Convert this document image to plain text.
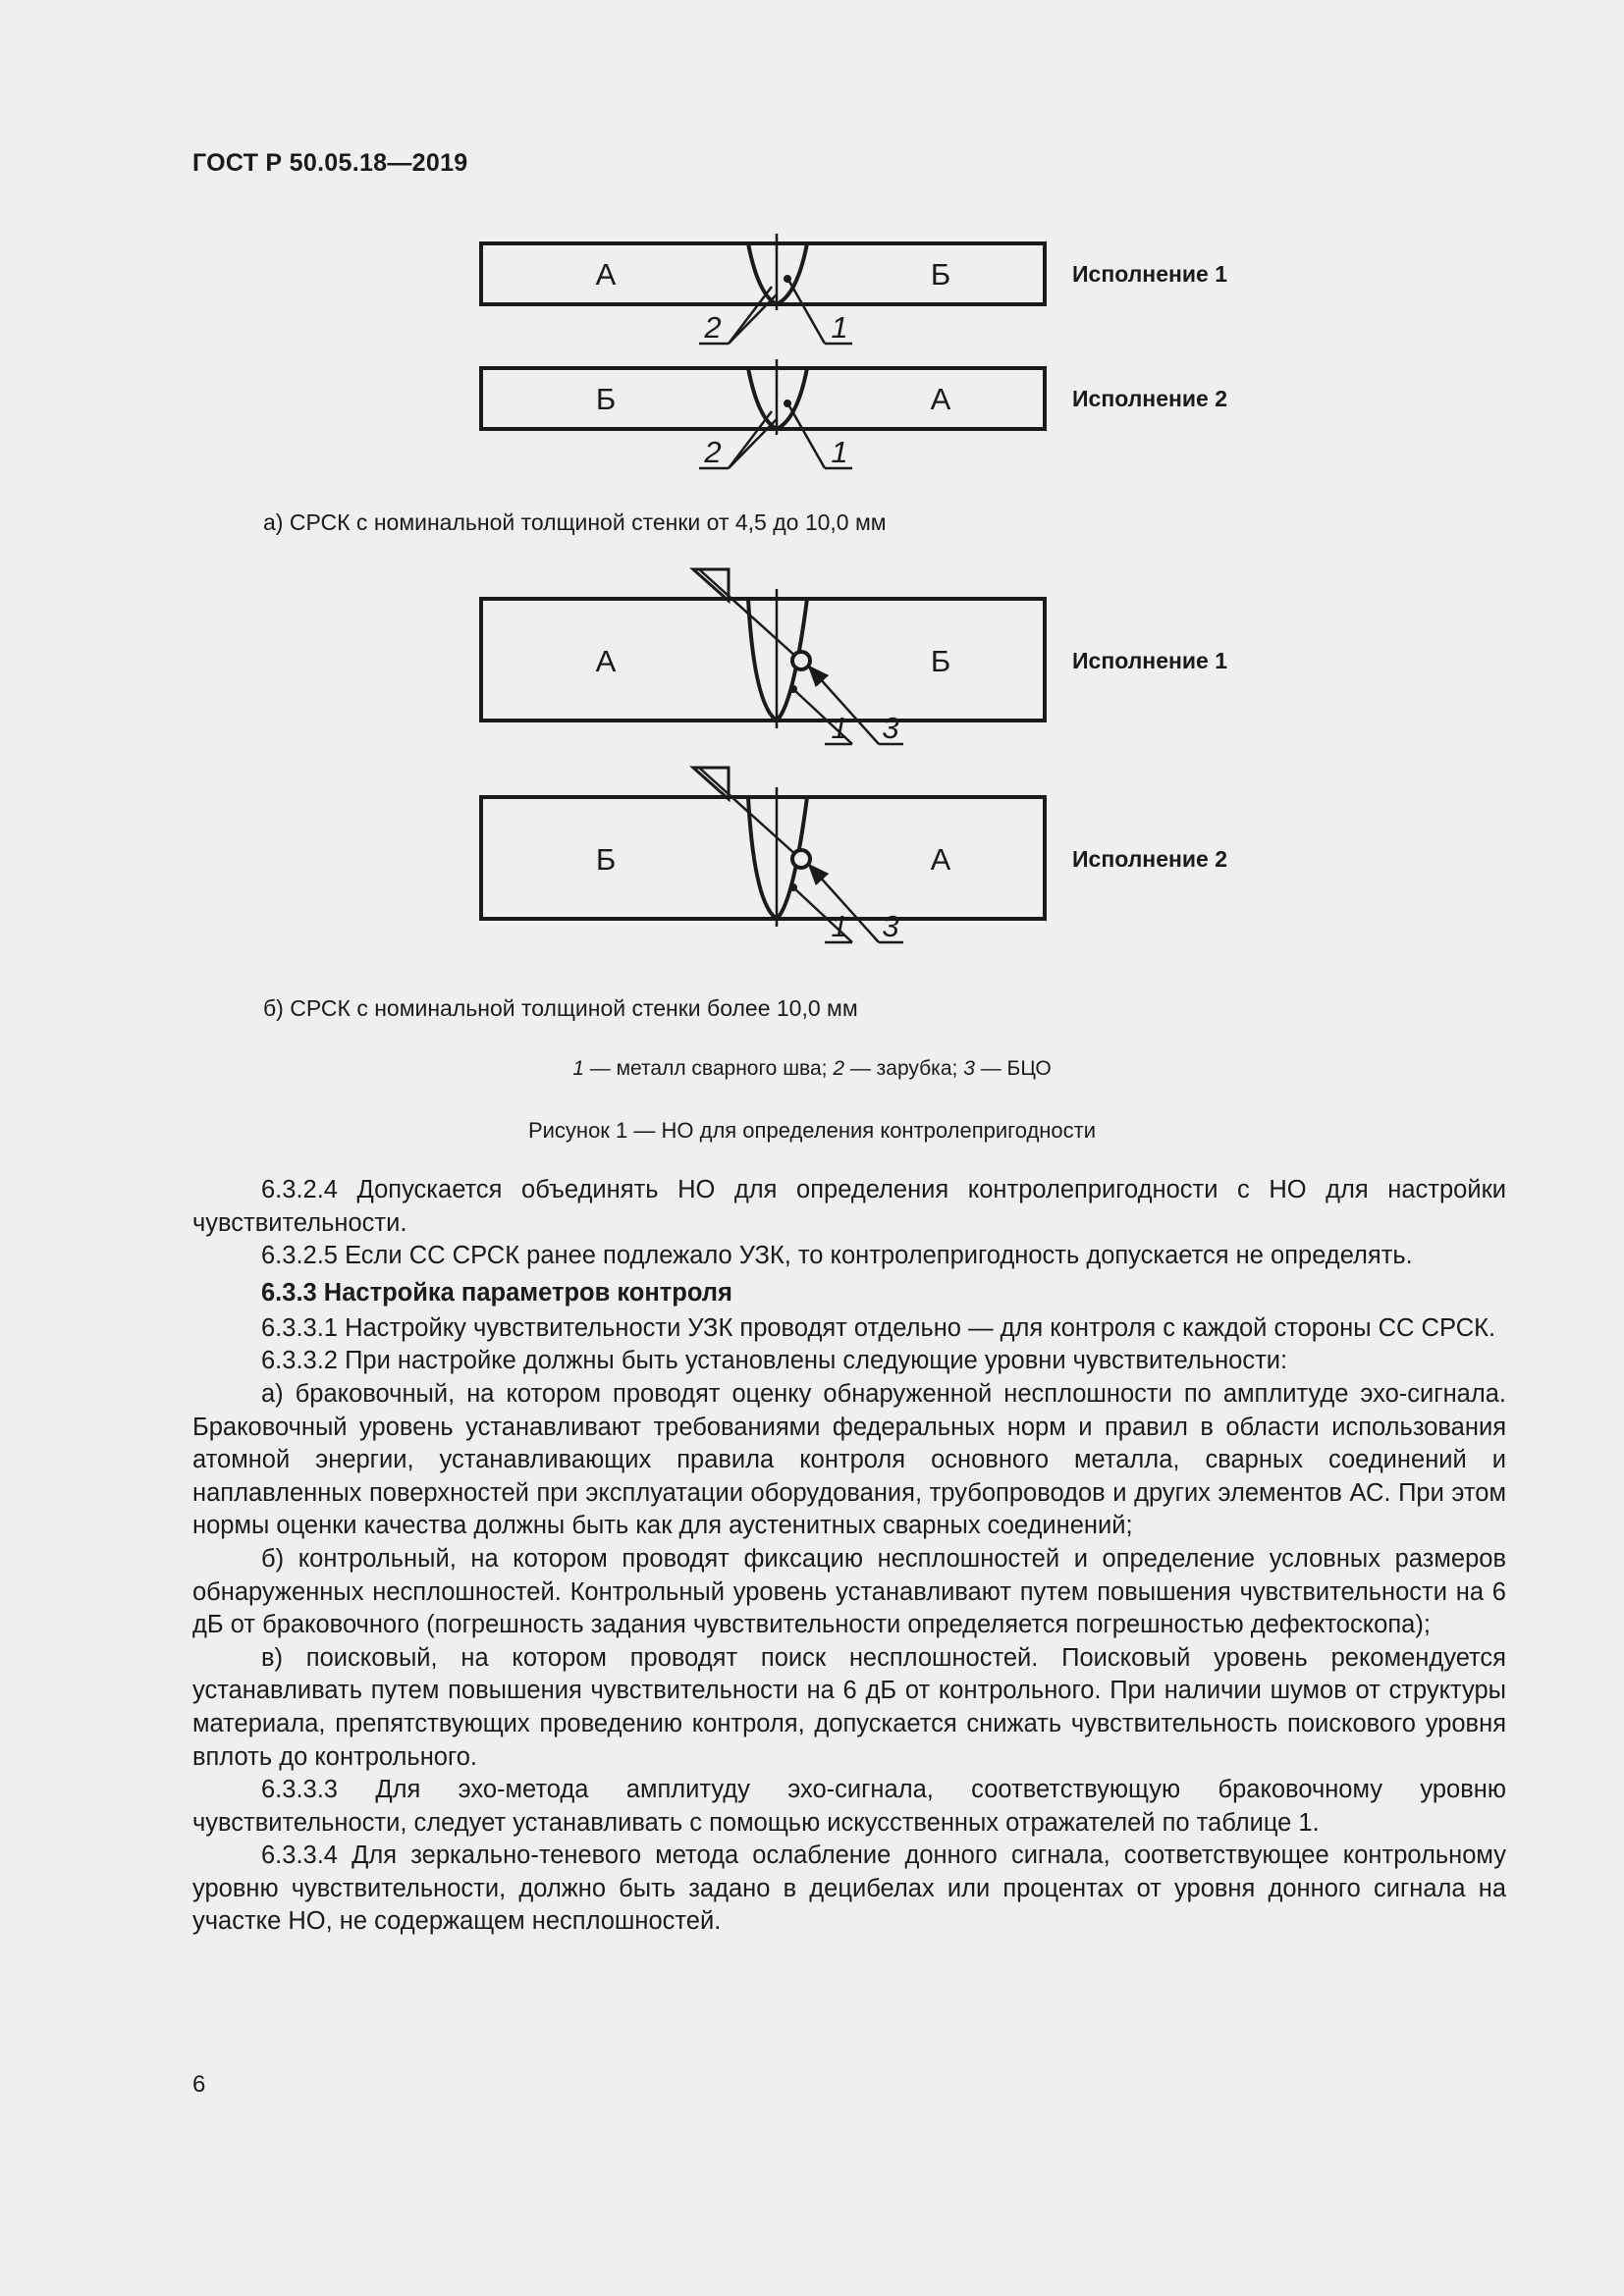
ГОСТ Р 50.05.18—2019
А	Б	Исполнение 1
2	1
Б	А	Исполнение 2
2	1
А	Б	Исполнение 1
1 3
Б	А	Исполнение 2
1 3
а) СРСК с номинальной толщиной стенки от 4,5 до 10,0 мм
б) СРСК с номинальной толщиной стенки более 10,0 мм
1 — металл сварного шва; 2 — зарубка; 3 — БЦО
Рисунок 1 — НО для определения контролепригодности

6.3.2.4 Допускается объединять НО для определения контролепригодности с НО для настройки чувствительности.

6.3.2.5 Если СС СРСК ранее подлежало УЗК, то контролепригодность допускается не определять.

6.3.3 Настройка параметров контроля

6.3.3.1 Настройку чувствительности УЗК проводят отдельно — для контроля с каждой стороны СС СРСК.

6.3.3.2 При настройке должны быть установлены следующие уровни чувствительности:

а) браковочный, на котором проводят оценку обнаруженной несплошности по амплитуде эхо-сигнала. Браковочный уровень устанавливают требованиями федеральных норм и правил в области использования атомной энергии, устанавливающих правила контроля основного металла, сварных соединений и наплавленных поверхностей при эксплуатации оборудования, трубопроводов и других элементов АС. При этом нормы оценки качества должны быть как для аустенитных сварных соединений;

б) контрольный, на котором проводят фиксацию несплошностей и определение условных размеров обнаруженных несплошностей. Контрольный уровень устанавливают путем повышения чувствительности на 6 дБ от браковочного (погрешность задания чувствительности определяется погрешностью дефектоскопа);

в) поисковый, на котором проводят поиск несплошностей. Поисковый уровень рекомендуется устанавливать путем повышения чувствительности на 6 дБ от контрольного. При наличии шумов от структуры материала, препятствующих проведению контроля, допускается снижать чувствительность поискового уровня вплоть до контрольного.

6.3.3.3 Для эхо-метода амплитуду эхо-сигнала, соответствующую браковочному уровню чувствительности, следует устанавливать с помощью искусственных отражателей по таблице 1.

6.3.3.4 Для зеркально-теневого метода ослабление донного сигнала, соответствующее контрольному уровню чувствительности, должно быть задано в децибелах или процентах от уровня донного сигнала на участке НО, не содержащем несплошностей.

6
